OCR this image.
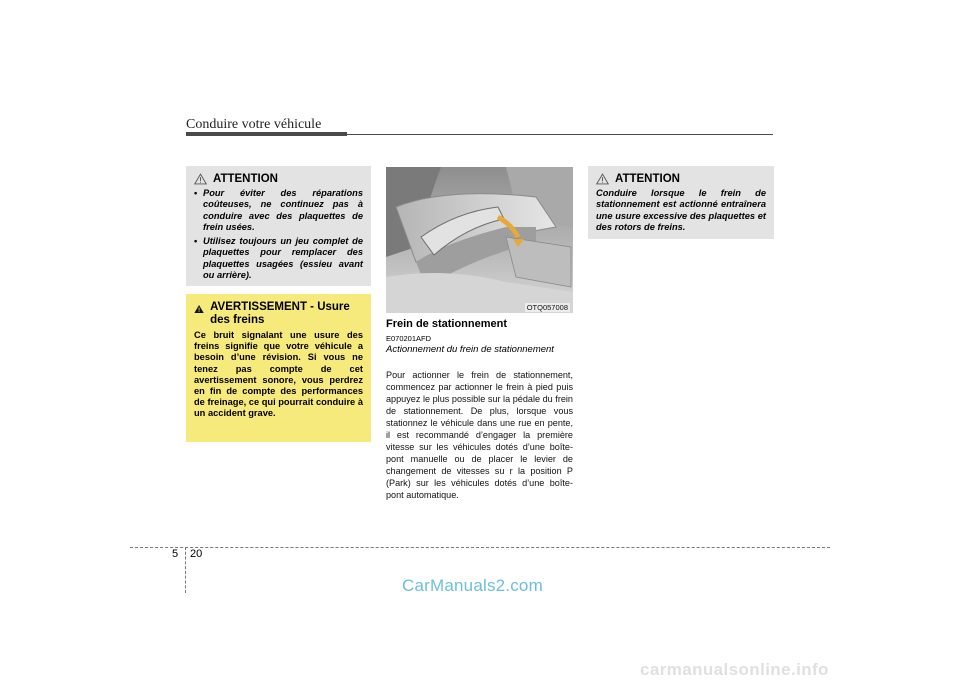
Conduire votre véhicule
ATTENTION
• Pour éviter des réparations coûteuses, ne continuez pas à conduire avec des plaquettes de frein usées.
• Utilisez toujours un jeu complet de plaquettes pour remplacer des plaquettes usagées (essieu avant ou arrière).
AVERTISSEMENT - Usure des freins
Ce bruit signalant une usure des freins signifie que votre véhicule a besoin d’une révision. Si vous ne tenez pas compte de cet avertissement sonore, vous perdrez en fin de compte des performances de freinage, ce qui pourrait conduire à un accident grave.
OTQ057008
Frein de stationnement
E070201AFD
Actionnement du frein de stationnement
Pour actionner le frein de stationnement, commencez par actionner le frein à pied puis appuyez le plus possible sur la pédale du frein de stationnement. De plus, lorsque vous stationnez le véhicule dans une rue en pente, il est recommandé d’engager la première vitesse sur les véhicules dotés d’une boîte-pont manuelle ou de placer le levier de changement de vitesses su r la position P (Park) sur les véhicules dotés d’une boîte-pont automatique.
ATTENTION
Conduire lorsque le frein de stationnement est actionné entraînera une usure excessive des plaquettes et des rotors de freins.
5 20
CarManuals2.com
carmanualsonline.info
